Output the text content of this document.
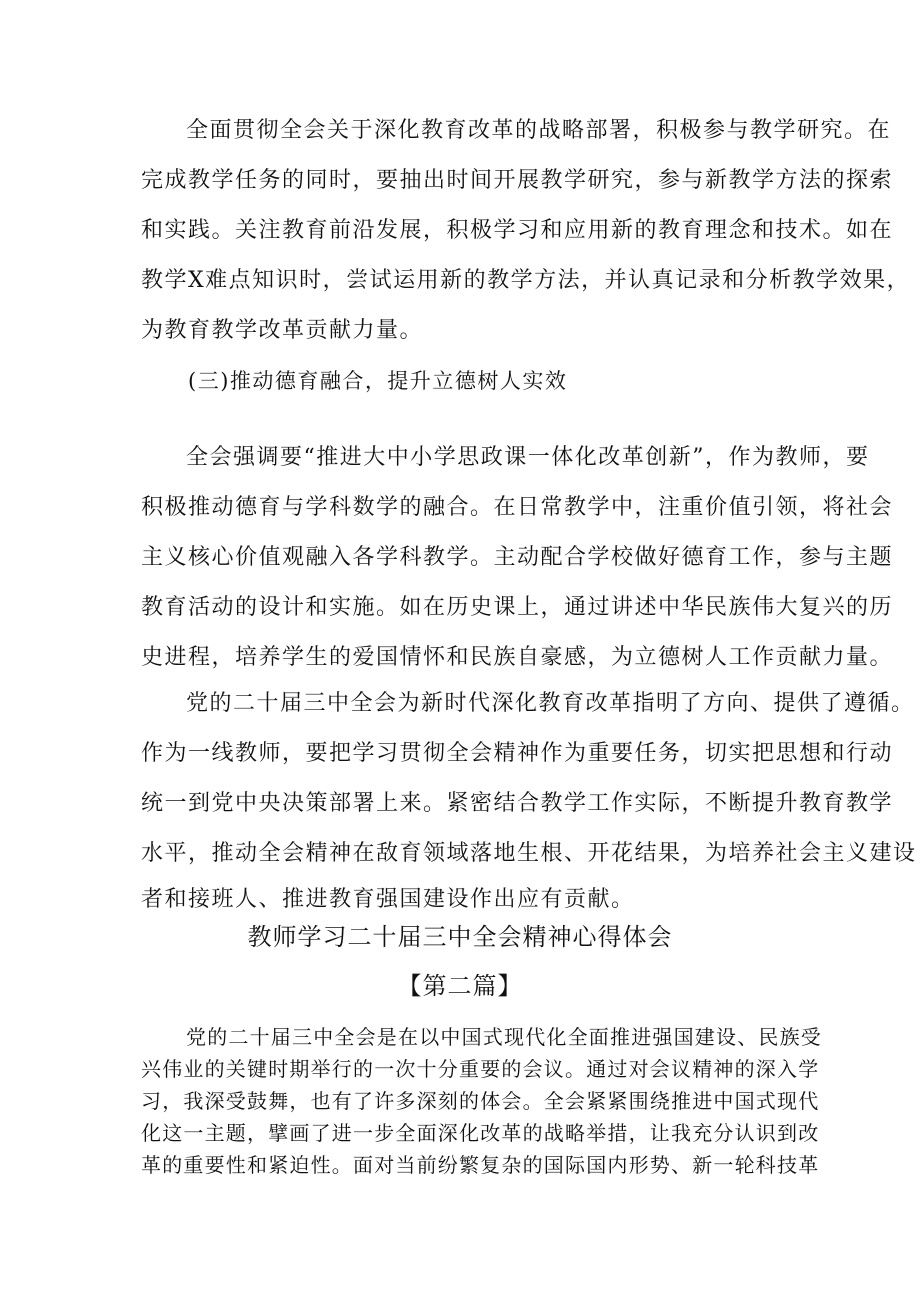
全面贯彻全会关于深化教育改革的战略部署，积极参与教学研究。在
完成教学任务的同时，要抽出时间开展教学研究，参与新教学方法的探索
和实践。关注教育前沿发展，积极学习和应用新的教育理念和技术。如在
教学X难点知识时，尝试运用新的教学方法，并认真记录和分析教学效果，
为教育教学改革贡献力量。
(三)推动德育融合，提升立德树人实效
全会强调要“推进大中小学思政课一体化改革创新”，作为教师，要
积极推动德育与学科数学的融合。在日常教学中，注重价值引领，将社会
主义核心价值观融入各学科教学。主动配合学校做好德育工作，参与主题
教育活动的设计和实施。如在历史课上，通过讲述中华民族伟大复兴的历
史进程，培养学生的爱国情怀和民族自豪感，为立德树人工作贡献力量。
党的二十届三中全会为新时代深化教育改革指明了方向、提供了遵循。
作为一线教师，要把学习贯彻全会精神作为重要任务，切实把思想和行动
统一到党中央决策部署上来。紧密结合教学工作实际，不断提升教育教学
水平，推动全会精神在敌育领域落地生根、开花结果，为培养社会主义建设
者和接班人、推进教育强国建设作出应有贡献。
教师学习二十届三中全会精神心得体会
【第二篇】
党的二十届三中全会是在以中国式现代化全面推进强国建设、民族受
兴伟业的关键时期举行的一次十分重要的会议。通过对会议精神的深入学
习，我深受鼓舞，也有了许多深刻的体会。全会紧紧围绕推进中国式现代
化这一主题，擘画了进一步全面深化改革的战略举措，让我充分认识到改
革的重要性和紧迫性。面对当前纷繁复杂的国际国内形势、新一轮科技革
